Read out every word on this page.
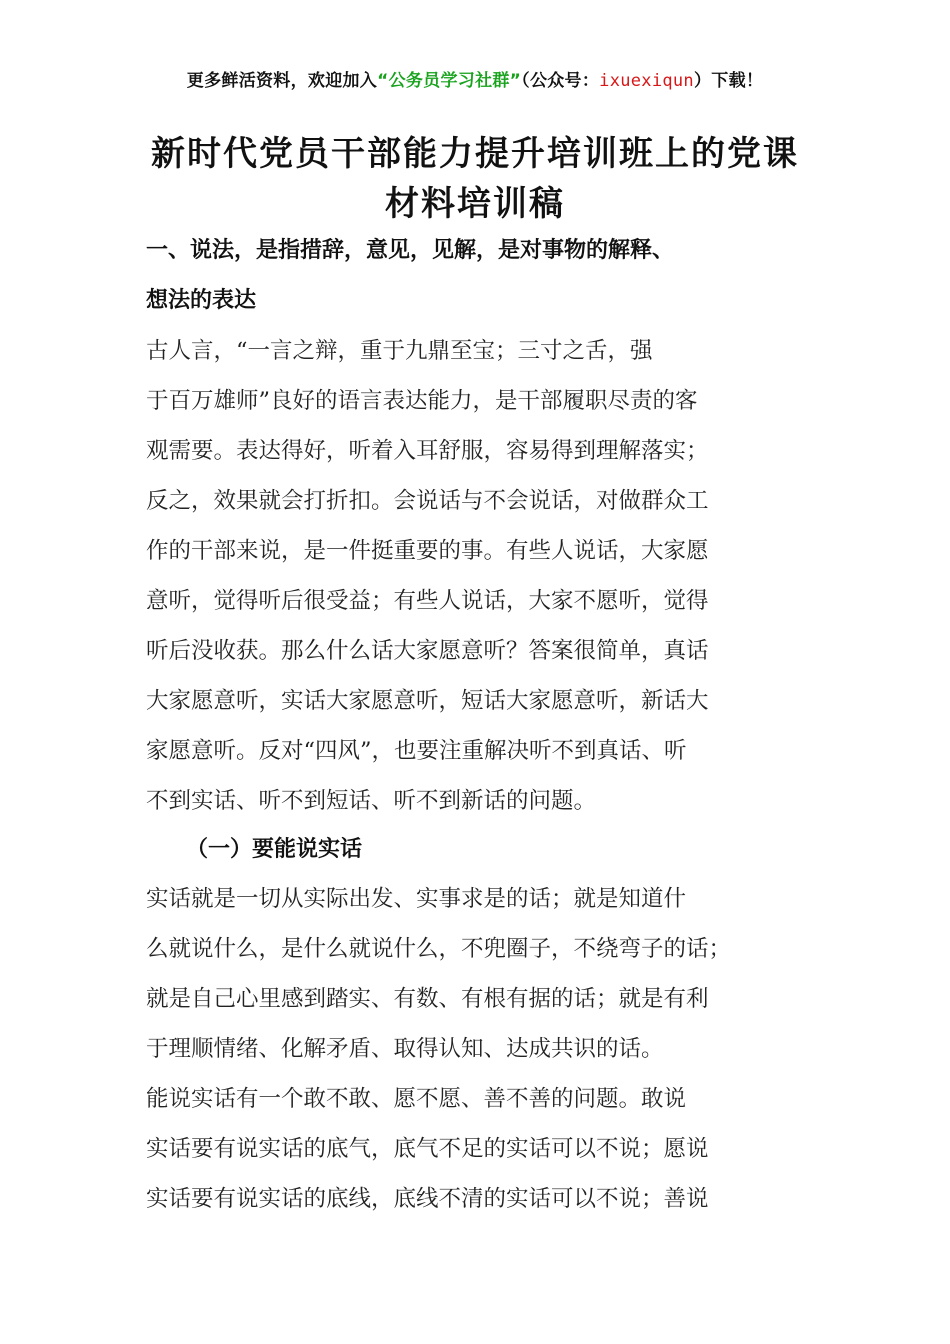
更多鲜活资料，欢迎加入“公务员学习社群”（公众号：ixuexiqun）下载！
新时代党员干部能力提升培训班上的党课
材料培训稿
一、说法，是指措辞，意见，见解，是对事物的解释、
想法的表达
古人言，“一言之辩，重于九鼎至宝；三寸之舌，强
于百万雄师”良好的语言表达能力，是干部履职尽责的客
观需要。表达得好，听着入耳舒服，容易得到理解落实；
反之，效果就会打折扣。会说话与不会说话，对做群众工
作的干部来说，是一件挺重要的事。有些人说话，大家愿
意听，觉得听后很受益；有些人说话，大家不愿听，觉得
听后没收获。那么什么话大家愿意听？答案很简单，真话
大家愿意听，实话大家愿意听，短话大家愿意听，新话大
家愿意听。反对“四风”，也要注重解决听不到真话、听
不到实话、听不到短话、听不到新话的问题。
（一）要能说实话
实话就是一切从实际出发、实事求是的话；就是知道什
么就说什么，是什么就说什么，不兜圈子，不绕弯子的话；
就是自己心里感到踏实、有数、有根有据的话；就是有利
于理顺情绪、化解矛盾、取得认知、达成共识的话。
能说实话有一个敢不敢、愿不愿、善不善的问题。敢说
实话要有说实话的底气，底气不足的实话可以不说；愿说
实话要有说实话的底线，底线不清的实话可以不说；善说
